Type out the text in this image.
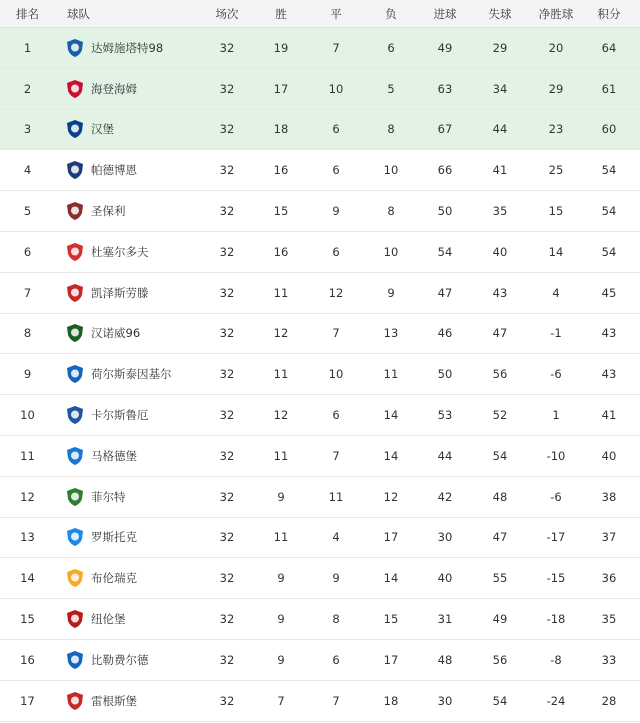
排名	球队	场次	胜	平	负	进球	失球	净胜球	积分
1	达姆施塔特98	32	19	7	6	49	29	20	64
2	海登海姆	32	17	10	5	63	34	29	61
3	汉堡	32	18	6	8	67	44	23	60
4	帕德博恩	32	16	6	10	66	41	25	54
5	圣保利	32	15	9	8	50	35	15	54
6	杜塞尔多夫	32	16	6	10	54	40	14	54
7	凯泽斯劳滕	32	11	12	9	47	43	4	45
8	汉诺威96	32	12	7	13	46	47	-1	43
9	荷尔斯泰因基尔	32	11	10	11	50	56	-6	43
10	卡尔斯鲁厄	32	12	6	14	53	52	1	41
11	马格德堡	32	11	7	14	44	54	-10	40
12	菲尔特	32	9	11	12	42	48	-6	38
13	罗斯托克	32	11	4	17	30	47	-17	37
14	布伦瑞克	32	9	9	14	40	55	-15	36
15	纽伦堡	32	9	8	15	31	49	-18	35
16	比勒费尔德	32	9	6	17	48	56	-8	33
17	雷根斯堡	32	7	7	18	30	54	-24	28
